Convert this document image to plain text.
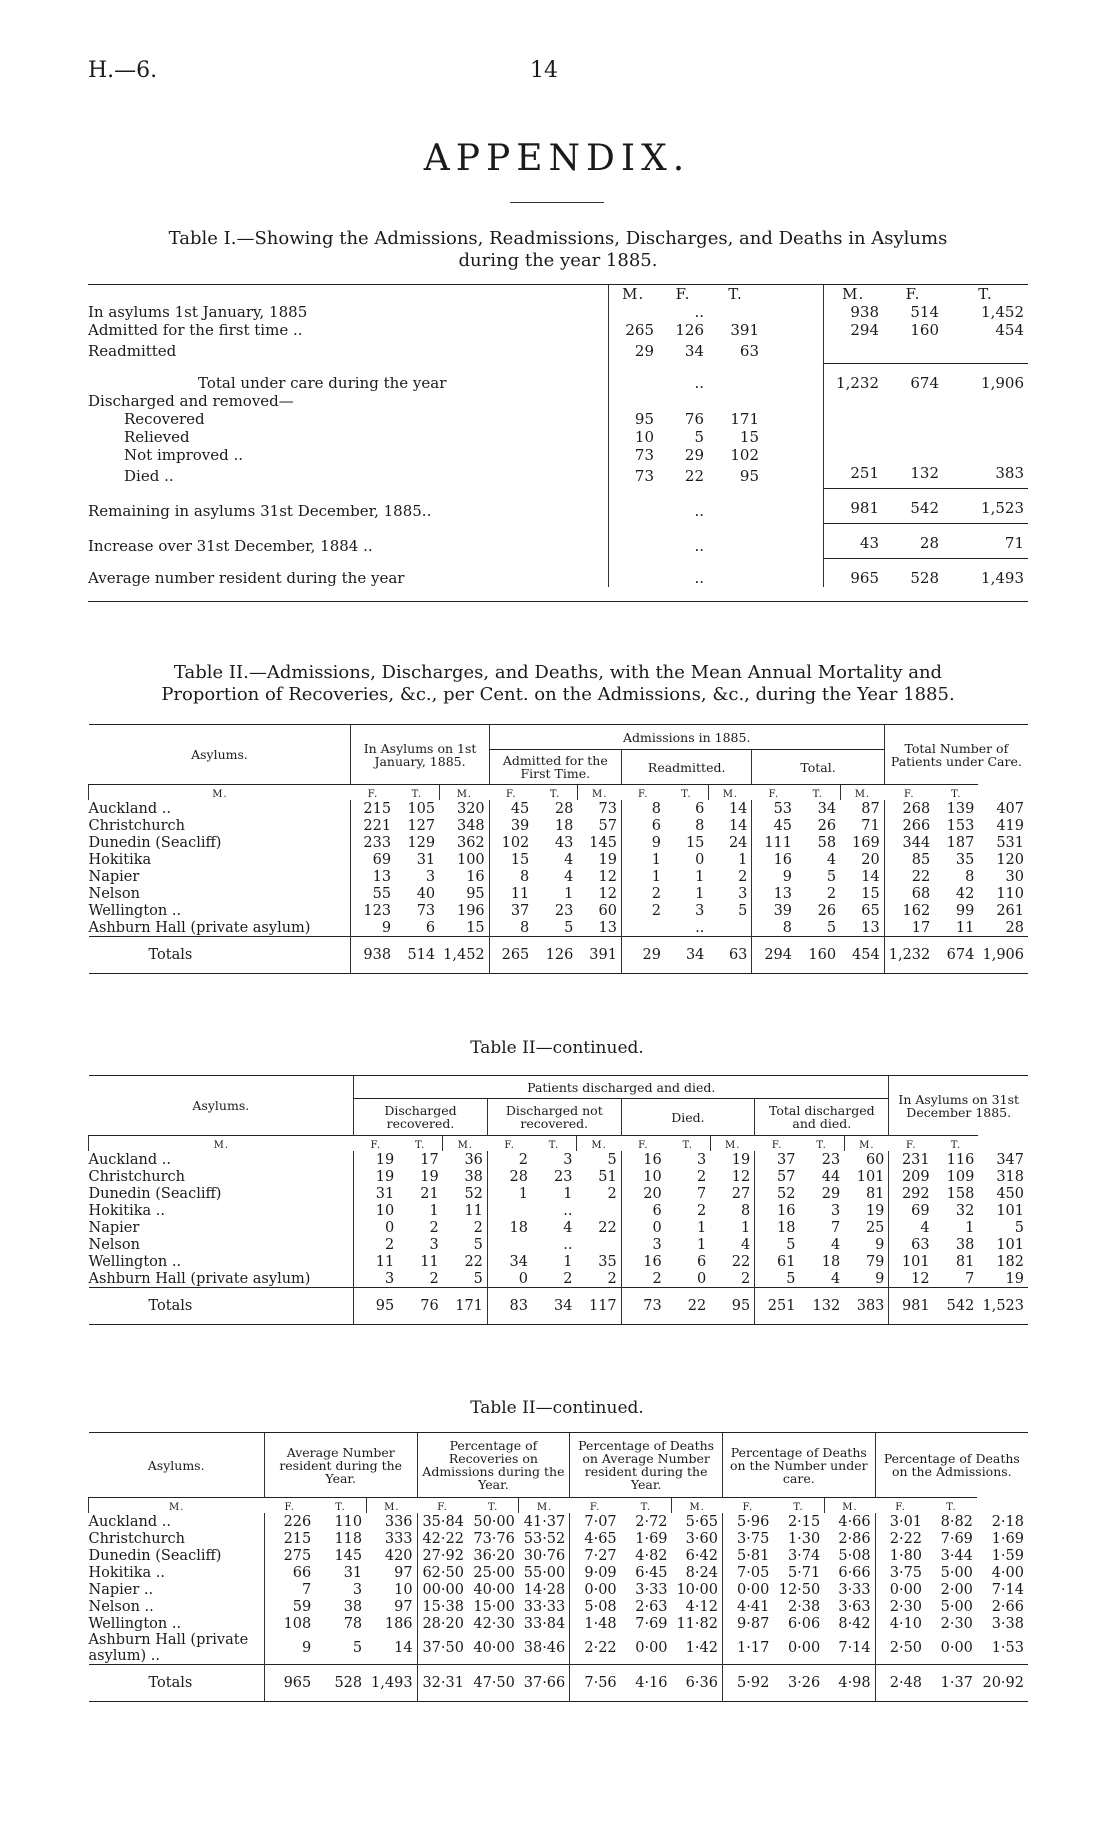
H.—6.	14
APPENDIX.
Table I.—Showing the Admissions, Readmissions, Discharges, and Deaths in Asylums
during the year 1885.
	M.	F.	T.		M.	F.	T.
In asylums 1st January, 1885		..			938	514	1,452
Admitted for the first time ..	265	126	391		294	160	454
Readmitted	29	34	63				
Total under care during the year		..			1,232	674	1,906
Discharged and removed—							
Recovered	95	76	171				
Relieved	10	5	15				
Not improved ..	73	29	102				
Died ..	73	22	95		251	132	383
Remaining in asylums 31st December, 1885..		..			981	542	1,523
Increase over 31st December, 1884 ..		..			43	28	71
Average number resident during the year		..			965	528	1,493

Table II.—Admissions, Discharges, and Deaths, with the Mean Annual Mortality and
Proportion of Recoveries, &c., per Cent. on the Admissions, &c., during the Year 1885.
Asylums.	In Asylums on 1st January, 1885.			Admissions in 1885.									Total Number of Patients under Care.		
				Admitted for the First Time.			Readmitted.			Total.					
M.	F.	T.	M.	F.	T.	M.	F.	T.	M.	F.	T.	M.	F.	T.	
Auckland ..	215	105	320	45	28	73	8	6	14	53	34	87	268	139	407
Christchurch	221	127	348	39	18	57	6	8	14	45	26	71	266	153	419
Dunedin (Seacliff)	233	129	362	102	43	145	9	15	24	111	58	169	344	187	531
Hokitika	69	31	100	15	4	19	1	0	1	16	4	20	85	35	120
Napier	13	3	16	8	4	12	1	1	2	9	5	14	22	8	30
Nelson	55	40	95	11	1	12	2	1	3	13	2	15	68	42	110
Wellington ..	123	73	196	37	23	60	2	3	5	39	26	65	162	99	261
Ashburn Hall (private asylum)	9	6	15	8	5	13		..		8	5	13	17	11	28
Totals	938	514	1,452	265	126	391	29	34	63	294	160	454	1,232	674	1,906
Table II—continued.
Asylums.	Patients discharged and died.												In Asylums on 31st December 1885.		
	Discharged recovered.			Discharged not recovered.			Died.			Total discharged and died.					
M.	F.	T.	M.	F.	T.	M.	F.	T.	M.	F.	T.	M.	F.	T.	
Auckland ..	19	17	36	2	3	5	16	3	19	37	23	60	231	116	347
Christchurch	19	19	38	28	23	51	10	2	12	57	44	101	209	109	318
Dunedin (Seacliff)	31	21	52	1	1	2	20	7	27	52	29	81	292	158	450
Hokitika ..	10	1	11		..		6	2	8	16	3	19	69	32	101
Napier	0	2	2	18	4	22	0	1	1	18	7	25	4	1	5
Nelson	2	3	5		..		3	1	4	5	4	9	63	38	101
Wellington ..	11	11	22	34	1	35	16	6	22	61	18	79	101	81	182
Ashburn Hall (private asylum)	3	2	5	0	2	2	2	0	2	5	4	9	12	7	19
Totals	95	76	171	83	34	117	73	22	95	251	132	383	981	542	1,523
Table II—continued.
Asylums.	Average Number resident during the Year.			Percentage of Recoveries on Admissions during the Year.			Percentage of Deaths on Average Number resident during the Year.			Percentage of Deaths on the Number under care.			Percentage of Deaths on the Admissions.		
M.	F.	T.	M.	F.	T.	M.	F.	T.	M.	F.	T.	M.	F.	T.	
Auckland ..	226	110	336	35·84	50·00	41·37	7·07	2·72	5·65	5·96	2·15	4·66	3·01	8·82	2·18
Christchurch	215	118	333	42·22	73·76	53·52	4·65	1·69	3·60	3·75	1·30	2·86	2·22	7·69	1·69
Dunedin (Seacliff)	275	145	420	27·92	36·20	30·76	7·27	4·82	6·42	5·81	3·74	5·08	1·80	3·44	1·59
Hokitika ..	66	31	97	62·50	25·00	55·00	9·09	6·45	8·24	7·05	5·71	6·66	3·75	5·00	4·00
Napier ..	7	3	10	00·00	40·00	14·28	0·00	3·33	10·00	0·00	12·50	3·33	0·00	2·00	7·14
Nelson ..	59	38	97	15·38	15·00	33·33	5·08	2·63	4·12	4·41	2·38	3·63	2·30	5·00	2·66
Wellington ..	108	78	186	28·20	42·30	33·84	1·48	7·69	11·82	9·87	6·06	8·42	4·10	2·30	3·38
Ashburn Hall (private asylum) ..	9	5	14	37·50	40·00	38·46	2·22	0·00	1·42	1·17	0·00	7·14	2·50	0·00	1·53
Totals	965	528	1,493	32·31	47·50	37·66	7·56	4·16	6·36	5·92	3·26	4·98	2·48	1·37	20·92
